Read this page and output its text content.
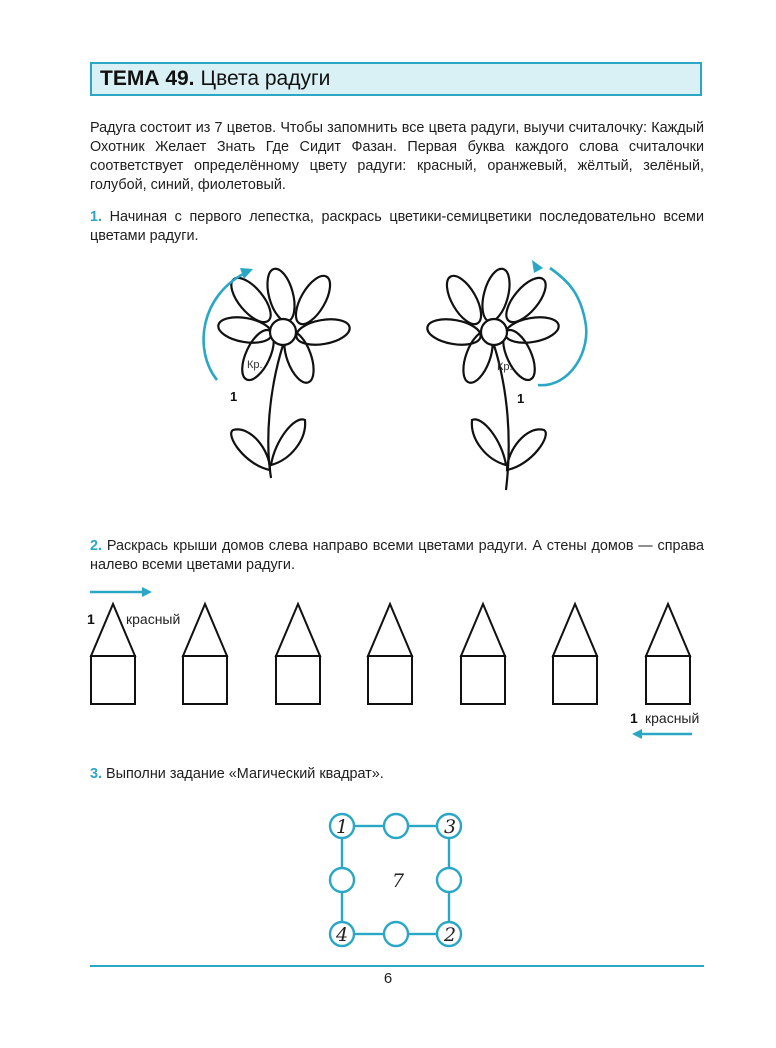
ТЕМА 49. Цвета радуги
Радуга состоит из 7 цветов. Чтобы запомнить все цвета радуги, выучи считалочку: Каждый Охотник Желает Знать Где Сидит Фазан. Первая буква каждого слова считалочки соответствует определённому цвету радуги: красный, оранжевый, жёлтый, зелёный, голубой, синий, фиолетовый.
1. Начиная с первого лепестка, раскрась цветики-семицветики последовательно всеми цветами радуги.
Кр.
1
Кр.
1
2. Раскрась крыши домов слева направо всеми цветами радуги. А стены домов — справа налево всеми цветами радуги.
1 красный
1 красный
3. Выполни задание «Магический квадрат».
1	3
4	2
7
6
